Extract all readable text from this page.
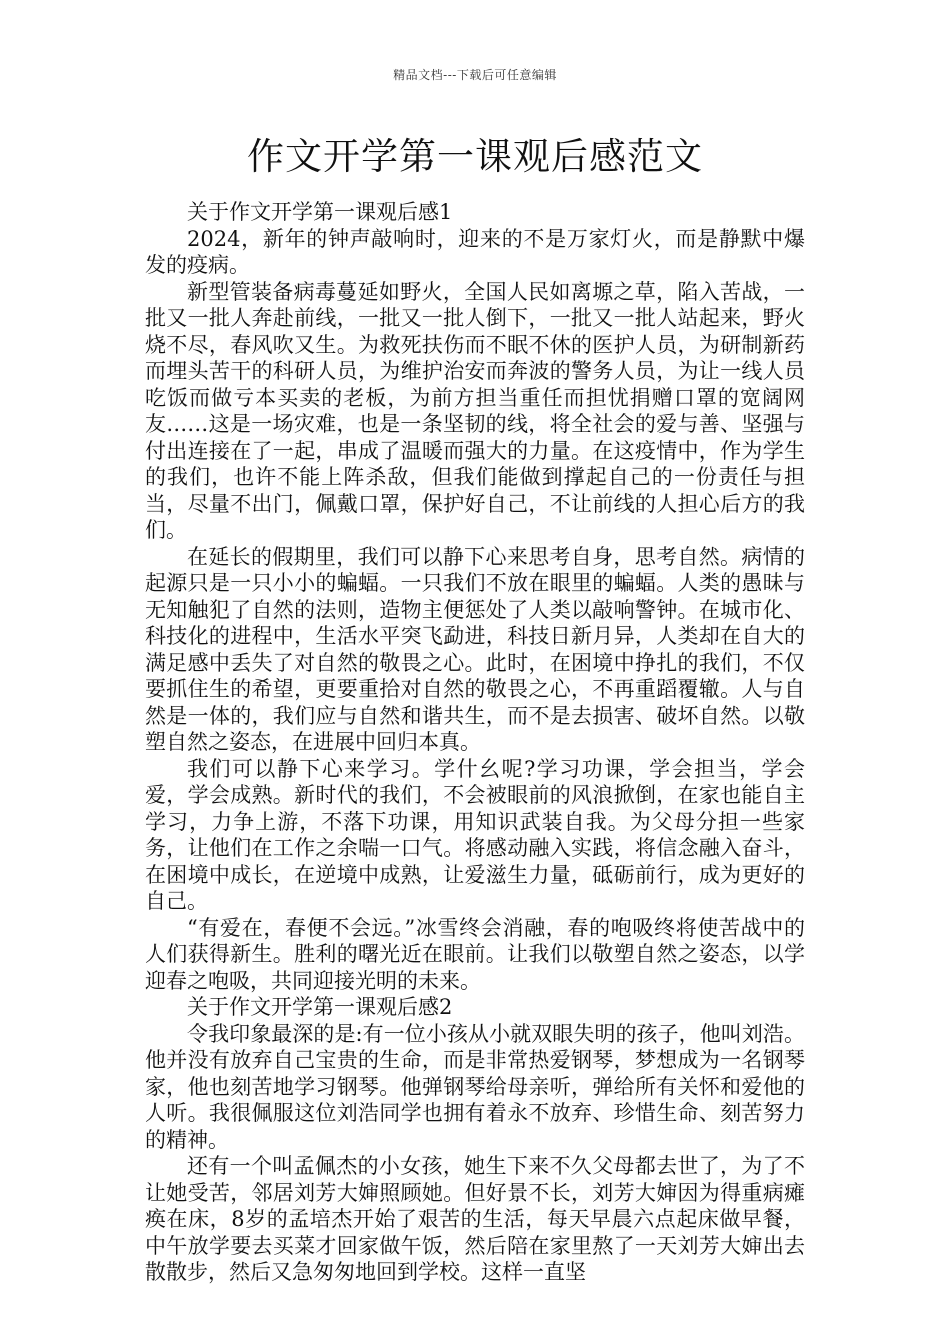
精品文档---下载后可任意编辑
作文开学第一课观后感范文

关于作文开学第一课观后感1

2024，新年的钟声敲响时，迎来的不是万家灯火，而是静默中爆发的疫病。

新型管装备病毒蔓延如野火，全国人民如离塬之草，陷入苦战，一批又一批人奔赴前线，一批又一批人倒下，一批又一批人站起来，野火烧不尽，春风吹又生。为救死扶伤而不眠不休的医护人员，为研制新药而埋头苦干的科研人员，为维护治安而奔波的警务人员，为让一线人员吃饭而做亏本买卖的老板，为前方担当重任而担忧捐赠口罩的宽阔网友……这是一场灾难，也是一条坚韧的线，将全社会的爱与善、坚强与付出连接在了一起，串成了温暖而强大的力量。在这疫情中，作为学生的我们，也许不能上阵杀敌，但我们能做到撑起自己的一份责任与担当，尽量不出门，佩戴口罩，保护好自己，不让前线的人担心后方的我们。

在延长的假期里，我们可以静下心来思考自身，思考自然。病情的起源只是一只小小的蝙蝠。一只我们不放在眼里的蝙蝠。人类的愚昧与无知触犯了自然的法则，造物主便惩处了人类以敲响警钟。在城市化、科技化的进程中，生活水平突飞勐进，科技日新月异，人类却在自大的满足感中丢失了对自然的敬畏之心。此时，在困境中挣扎的我们，不仅要抓住生的希望，更要重拾对自然的敬畏之心，不再重蹈覆辙。人与自然是一体的，我们应与自然和谐共生，而不是去损害、破坏自然。以敬塑自然之姿态，在进展中回归本真。

我们可以静下心来学习。学什幺呢?学习功课，学会担当，学会爱，学会成熟。新时代的我们，不会被眼前的风浪掀倒，在家也能自主学习，力争上游，不落下功课，用知识武装自我。为父母分担一些家务，让他们在工作之余喘一口气。将感动融入实践，将信念融入奋斗，在困境中成长，在逆境中成熟，让爱滋生力量，砥砺前行，成为更好的自己。

“有爱在，春便不会远。”冰雪终会消融，春的咆吸终将使苦战中的人们获得新生。胜利的曙光近在眼前。让我们以敬塑自然之姿态，以学迎春之咆吸，共同迎接光明的未来。

关于作文开学第一课观后感2

令我印象最深的是:有一位小孩从小就双眼失明的孩子，他叫刘浩。他并没有放弃自己宝贵的生命，而是非常热爱钢琴，梦想成为一名钢琴家，他也刻苦地学习钢琴。他弹钢琴给母亲听，弹给所有关怀和爱他的人听。我很佩服这位刘浩同学也拥有着永不放弃、珍惜生命、刻苦努力的精神。

还有一个叫孟佩杰的小女孩，她生下来不久父母都去世了，为了不让她受苦，邻居刘芳大婶照顾她。但好景不长，刘芳大婶因为得重病瘫痪在床，8岁的孟培杰开始了艰苦的生活，每天早晨六点起床做早餐，中午放学要去买菜才回家做午饭，然后陪在家里熬了一天刘芳大婶出去散散步，然后又急匆匆地回到学校。这样一直坚
